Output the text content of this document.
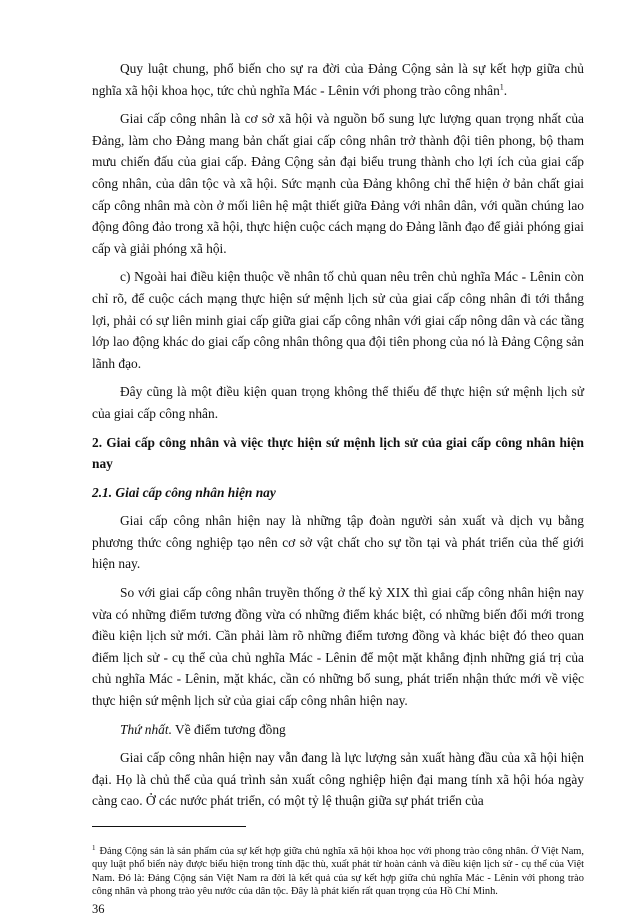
Quy luật chung, phổ biến cho sự ra đời của Đảng Cộng sản là sự kết hợp giữa chủ nghĩa xã hội khoa học, tức chủ nghĩa Mác - Lênin với phong trào công nhân$^1$.

Giai cấp công nhân là cơ sở xã hội và nguồn bổ sung lực lượng quan trọng nhất của Đảng, làm cho Đảng mang bản chất giai cấp công nhân trở thành đội tiên phong, bộ tham mưu chiến đấu của giai cấp. Đảng Cộng sản đại biểu trung thành cho lợi ích của giai cấp công nhân, của dân tộc và xã hội. Sức mạnh của Đảng không chỉ thể hiện ở bản chất giai cấp công nhân mà còn ở mối liên hệ mật thiết giữa Đảng với nhân dân, với quần chúng lao động đông đảo trong xã hội, thực hiện cuộc cách mạng do Đảng lãnh đạo để giải phóng giai cấp và giải phóng xã hội.

c) Ngoài hai điều kiện thuộc về nhân tố chủ quan nêu trên chủ nghĩa Mác - Lênin còn chỉ rõ, để cuộc cách mạng thực hiện sứ mệnh lịch sử của giai cấp công nhân đi tới thắng lợi, phải có sự liên minh giai cấp giữa giai cấp công nhân với giai cấp nông dân và các tầng lớp lao động khác do giai cấp công nhân thông qua đội tiên phong của nó là Đảng Cộng sản lãnh đạo.

Đây cũng là một điều kiện quan trọng không thể thiếu để thực hiện sứ mệnh lịch sử của giai cấp công nhân.

2. Giai cấp công nhân và việc thực hiện sứ mệnh lịch sử của giai cấp công nhân hiện nay

2.1. Giai cấp công nhân hiện nay

Giai cấp công nhân hiện nay là những tập đoàn người sản xuất và dịch vụ bằng phương thức công nghiệp tạo nên cơ sở vật chất cho sự tồn tại và phát triển của thế giới hiện nay.

So với giai cấp công nhân truyền thống ở thế kỷ XIX thì giai cấp công nhân hiện nay vừa có những điểm tương đồng vừa có những điểm khác biệt, có những biến đổi mới trong điều kiện lịch sử mới. Cần phải làm rõ những điểm tương đồng và khác biệt đó theo quan điểm lịch sử - cụ thể của chủ nghĩa Mác - Lênin để một mặt khẳng định những giá trị của chủ nghĩa Mác - Lênin, mặt khác, cần có những bổ sung, phát triển nhận thức mới về việc thực hiện sứ mệnh lịch sử của giai cấp công nhân hiện nay.

Thứ nhất. Về điểm tương đồng

Giai cấp công nhân hiện nay vẫn đang là lực lượng sản xuất hàng đầu của xã hội hiện đại. Họ là chủ thể của quá trình sản xuất công nghiệp hiện đại mang tính xã hội hóa ngày càng cao. Ở các nước phát triển, có một tỷ lệ thuận giữa sự phát triển của

$^1$ Đảng Cộng sản là sản phẩm của sự kết hợp giữa chủ nghĩa xã hội khoa học với phong trào công nhân. Ở Việt Nam, quy luật phổ biến này được biểu hiện trong tính đặc thù, xuất phát từ hoàn cảnh và điều kiện lịch sử - cụ thể của Việt Nam. Đó là: Đảng Cộng sản Việt Nam ra đời là kết quả của sự kết hợp giữa chủ nghĩa Mác - Lênin với phong trào công nhân và phong trào yêu nước của dân tộc. Đây là phát kiến rất quan trọng của Hồ Chí Minh.

36
